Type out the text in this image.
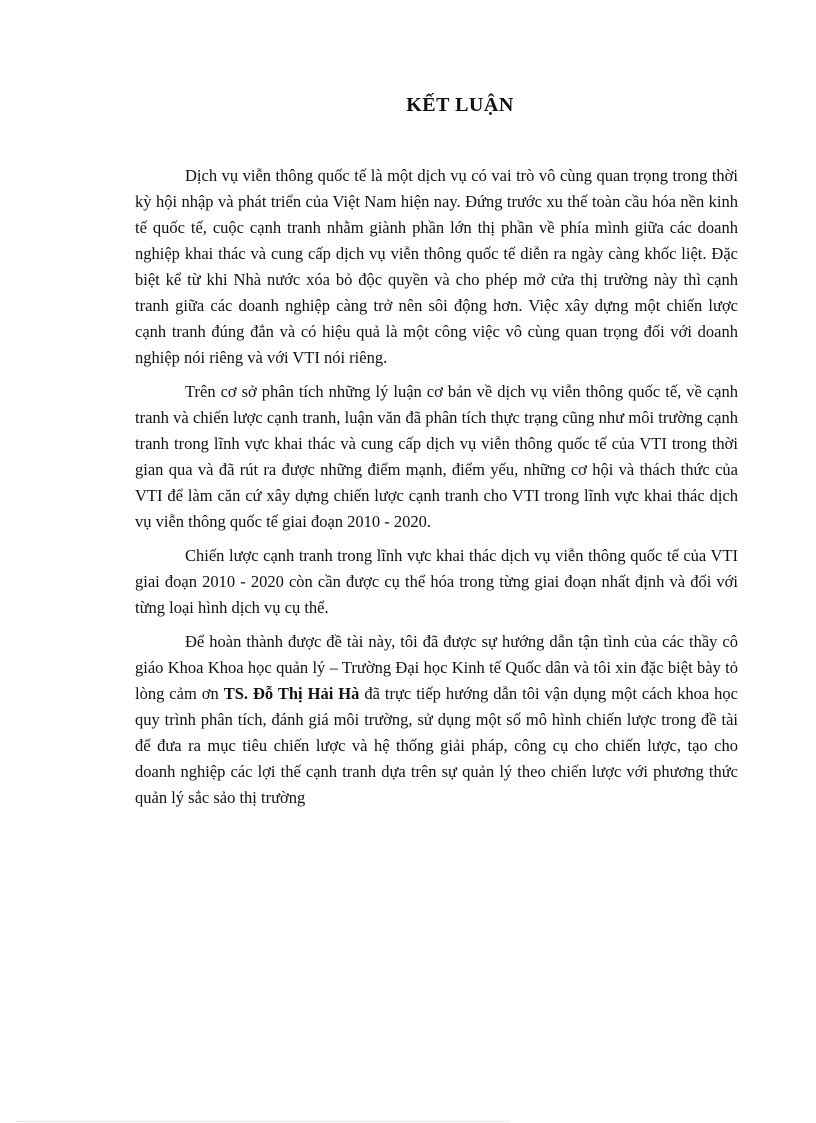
KẾT LUẬN

Dịch vụ viễn thông quốc tế là một dịch vụ có vai trò vô cùng quan trọng trong thời kỳ hội nhập và phát triển của Việt Nam hiện nay. Đứng trước xu thế toàn cầu hóa nền kinh tế quốc tế, cuộc cạnh tranh nhằm giành phần lớn thị phần về phía mình giữa các doanh nghiệp khai thác và cung cấp dịch vụ viễn thông quốc tế diễn ra ngày càng khốc liệt. Đặc biệt kể từ khi Nhà nước xóa bỏ độc quyền và cho phép mở cửa thị trường này thì cạnh tranh giữa các doanh nghiệp càng trở nên sôi động hơn. Việc xây dựng một chiến lược cạnh tranh đúng đắn và có hiệu quả là một công việc vô cùng quan trọng đối với doanh nghiệp nói riêng và với VTI nói riêng.

Trên cơ sở phân tích những lý luận cơ bản về dịch vụ viễn thông quốc tế, về cạnh tranh và chiến lược cạnh tranh, luận văn đã phân tích thực trạng cũng như môi trường cạnh tranh trong lĩnh vực khai thác và cung cấp dịch vụ viễn thông quốc tế của VTI trong thời gian qua và đã rút ra được những điểm mạnh, điểm yếu, những cơ hội và thách thức của VTI để làm căn cứ xây dựng chiến lược cạnh tranh cho VTI trong lĩnh vực khai thác dịch vụ viễn thông quốc tế giai đoạn 2010 - 2020.

Chiến lược cạnh tranh trong lĩnh vực khai thác dịch vụ viễn thông quốc tế của VTI giai đoạn 2010 - 2020 còn cần được cụ thể hóa trong từng giai đoạn nhất định và đối với từng loại hình dịch vụ cụ thể.

Để hoàn thành được đề tài này, tôi đã được sự hướng dẫn tận tình của các thầy cô giáo Khoa Khoa học quản lý – Trường Đại học Kinh tế Quốc dân và tôi xin đặc biệt bày tỏ lòng cảm ơn TS. Đỗ Thị Hải Hà đã trực tiếp hướng dẫn tôi vận dụng một cách khoa học quy trình phân tích, đánh giá môi trường, sử dụng một số mô hình chiến lược trong đề tài để đưa ra mục tiêu chiến lược và hệ thống giải pháp, công cụ cho chiến lược, tạo cho doanh nghiệp các lợi thế cạnh tranh dựa trên sự quản lý theo chiến lược với phương thức quản lý sắc sảo thị trường
